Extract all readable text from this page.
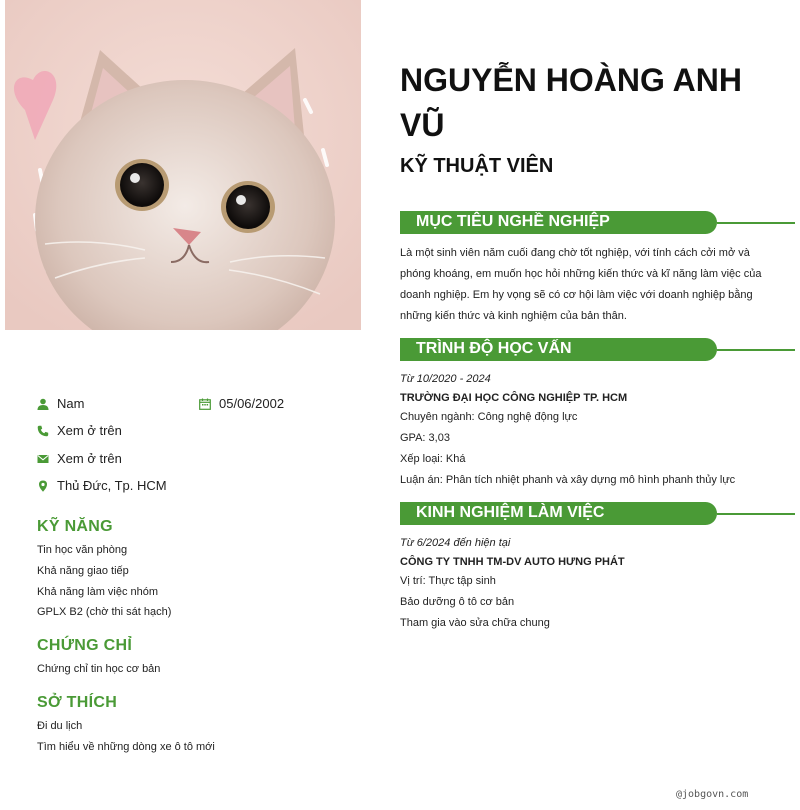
Nam	05/06/2002
Xem ở trên
Xem ở trên
Thủ Đức, Tp. HCM
KỸ NĂNG
Tin học văn phòng
Khả năng giao tiếp
Khả năng làm việc nhóm
GPLX B2 (chờ thi sát hạch)
CHỨNG CHỈ
Chứng chỉ tin học cơ bản
SỞ THÍCH
Đi du lịch
Tìm hiểu về những dòng xe ô tô mới
NGUYỄN HOÀNG ANH VŨ
KỸ THUẬT VIÊN
MỤC TIÊU NGHỀ NGHIỆP
Là một sinh viên năm cuối đang chờ tốt nghiệp, với tính cách cởi mở và phóng khoáng, em muốn học hỏi những kiến thức và kĩ năng làm việc của doanh nghiệp. Em hy vọng sẽ có cơ hội làm việc với doanh nghiệp bằng những kiến thức và kinh nghiệm của bản thân.
TRÌNH ĐỘ HỌC VẤN
Từ 10/2020 - 2024
TRƯỜNG ĐẠI HỌC CÔNG NGHIỆP TP. HCM
Chuyên ngành: Công nghệ động lực
GPA: 3,03
Xếp loại: Khá
Luận án: Phân tích nhiệt phanh và xây dựng mô hình phanh thủy lực
KINH NGHIỆM LÀM VIỆC
Từ 6/2024 đến hiện tại
CÔNG TY TNHH TM-DV AUTO HƯNG PHÁT
Vị trí: Thực tập sinh
Bảo dưỡng ô tô cơ bản
Tham gia vào sửa chữa chung
@jobgovn.com
